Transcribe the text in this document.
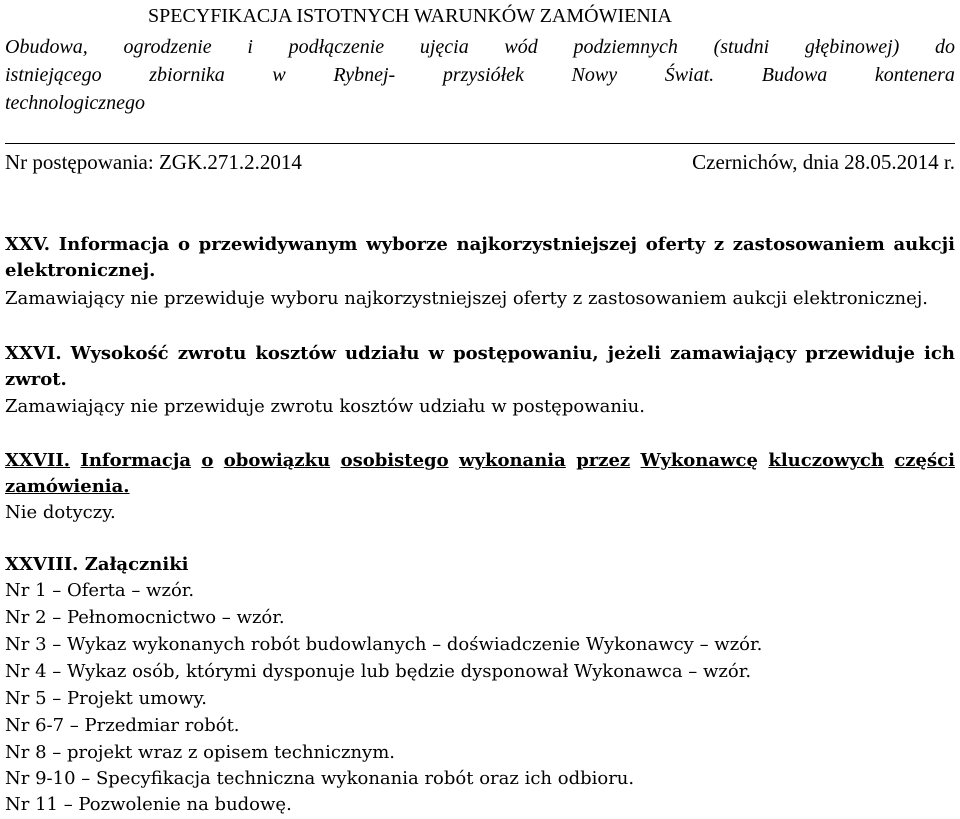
SPECYFIKACJA ISTOTNYCH WARUNKÓW ZAMÓWIENIA

Obudowa, ogrodzenie i podłączenie ujęcia wód podziemnych (studni głębinowej) do

istniejącego zbiornika w Rybnej- przysiółek Nowy Świat. Budowa kontenera

technologicznego

Nr postępowania: ZGK.271.2.2014	Czernichów, dnia 28.05.2014 r.

XXV. Informacja o przewidywanym wyborze najkorzystniejszej oferty z zastosowaniem aukcji

elektronicznej.

Zamawiający nie przewiduje wyboru najkorzystniejszej oferty z zastosowaniem aukcji elektronicznej.

XXVI. Wysokość zwrotu kosztów udziału w postępowaniu, jeżeli zamawiający przewiduje ich

zwrot.

Zamawiający nie przewiduje zwrotu kosztów udziału w postępowaniu.

XXVII. Informacja o obowiązku osobistego wykonania przez Wykonawcę kluczowych części

zamówienia.

Nie dotyczy.

XXVIII. Załączniki

Nr 1 – Oferta – wzór.

Nr 2 – Pełnomocnictwo – wzór.

Nr 3 – Wykaz wykonanych robót budowlanych – doświadczenie Wykonawcy – wzór.

Nr 4 – Wykaz osób, którymi dysponuje lub będzie dysponował Wykonawca – wzór.

Nr 5 – Projekt umowy.

Nr 6-7 – Przedmiar robót.

Nr 8 – projekt wraz z opisem technicznym.

Nr 9-10 – Specyfikacja techniczna wykonania robót oraz ich odbioru.

Nr 11 – Pozwolenie na budowę.
